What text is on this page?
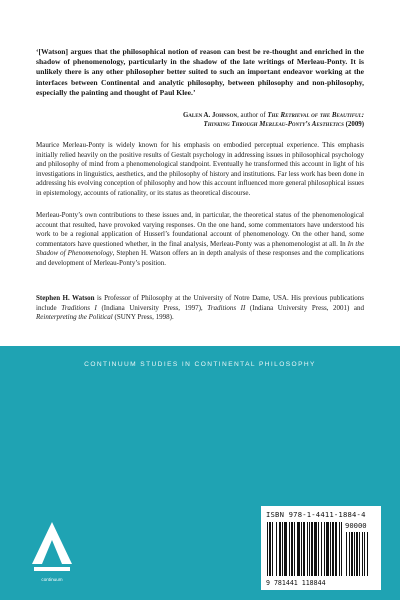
‘[Watson] argues that the philosophical notion of reason can best be re-thought and enriched in the shadow of phenomenology, particularly in the shadow of the late writings of Merleau-Ponty. It is unlikely there is any other philosopher better suited to such an important endeavor working at the interfaces between Continental and analytic philosophy, between philosophy and non-philosophy, especially the painting and thought of Paul Klee.’

Galen A. Johnson, author of The Retrieval of the Beautiful:
Thinking Through Merleau-Ponty’s Aesthetics (2009)

Maurice Merleau-Ponty is widely known for his emphasis on embodied perceptual experience. This emphasis initially relied heavily on the positive results of Gestalt psychology in addressing issues in philosophical psychology and philosophy of mind from a phenomenological standpoint. Eventually he transformed this account in light of his investigations in linguistics, aesthetics, and the philosophy of history and institutions. Far less work has been done in addressing his evolving conception of philosophy and how this account influenced more general philosophical issues in epistemology, accounts of rationality, or its status as theoretical discourse.

Merleau-Ponty’s own contributions to these issues and, in particular, the theoretical status of the phenomenological account that resulted, have provoked varying responses. On the one hand, some commentators have understood his work to be a regional application of Husserl’s foundational account of phenomenology. On the other hand, some commentators have questioned whether, in the final analysis, Merleau-Ponty was a phenomenologist at all. In In the Shadow of Phenomenology, Stephen H. Watson offers an in depth analysis of these responses and the complications and development of Merleau-Ponty’s position.

Stephen H. Watson is Professor of Philosophy at the University of Notre Dame, USA. His previous publications include Traditions I (Indiana University Press, 1997), Traditions II (Indiana University Press, 2001) and Reinterpreting the Political (SUNY Press, 1998).

CONTINUUM STUDIES IN CONTINENTAL PHILOSOPHY
continuum
ISBN 978-1-4411-1884-4
9 781441 118844
90000
